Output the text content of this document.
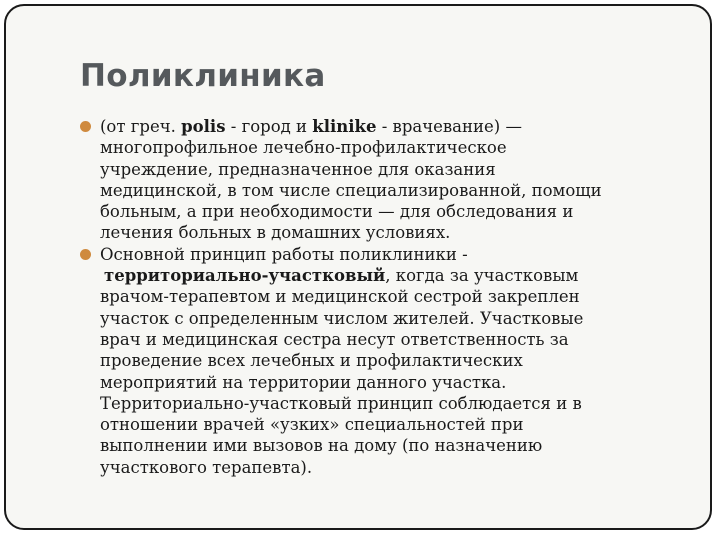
Поликлиника
(от греч. polis - город и klinike - врачевание) —
многопрофильное лечебно-профилактическое
учреждение, предназначенное для оказания
медицинской, в том числе специализированной, помощи
больным, а при необходимости — для обследования и
лечения больных в домашних условиях.
Основной принцип работы поликлиники -
территориально-участковый, когда за участковым
врачом-терапевтом и медицинской сестрой закреплен
участок с определенным числом жителей. Участковые
врач и медицинская сестра несут ответственность за
проведение всех лечебных и профилактических
мероприятий на территории данного участка.
Территориально-участковый принцип соблюдается и в
отношении врачей «узких» специальностей при
выполнении ими вызовов на дому (по назначению
участкового терапевта).
